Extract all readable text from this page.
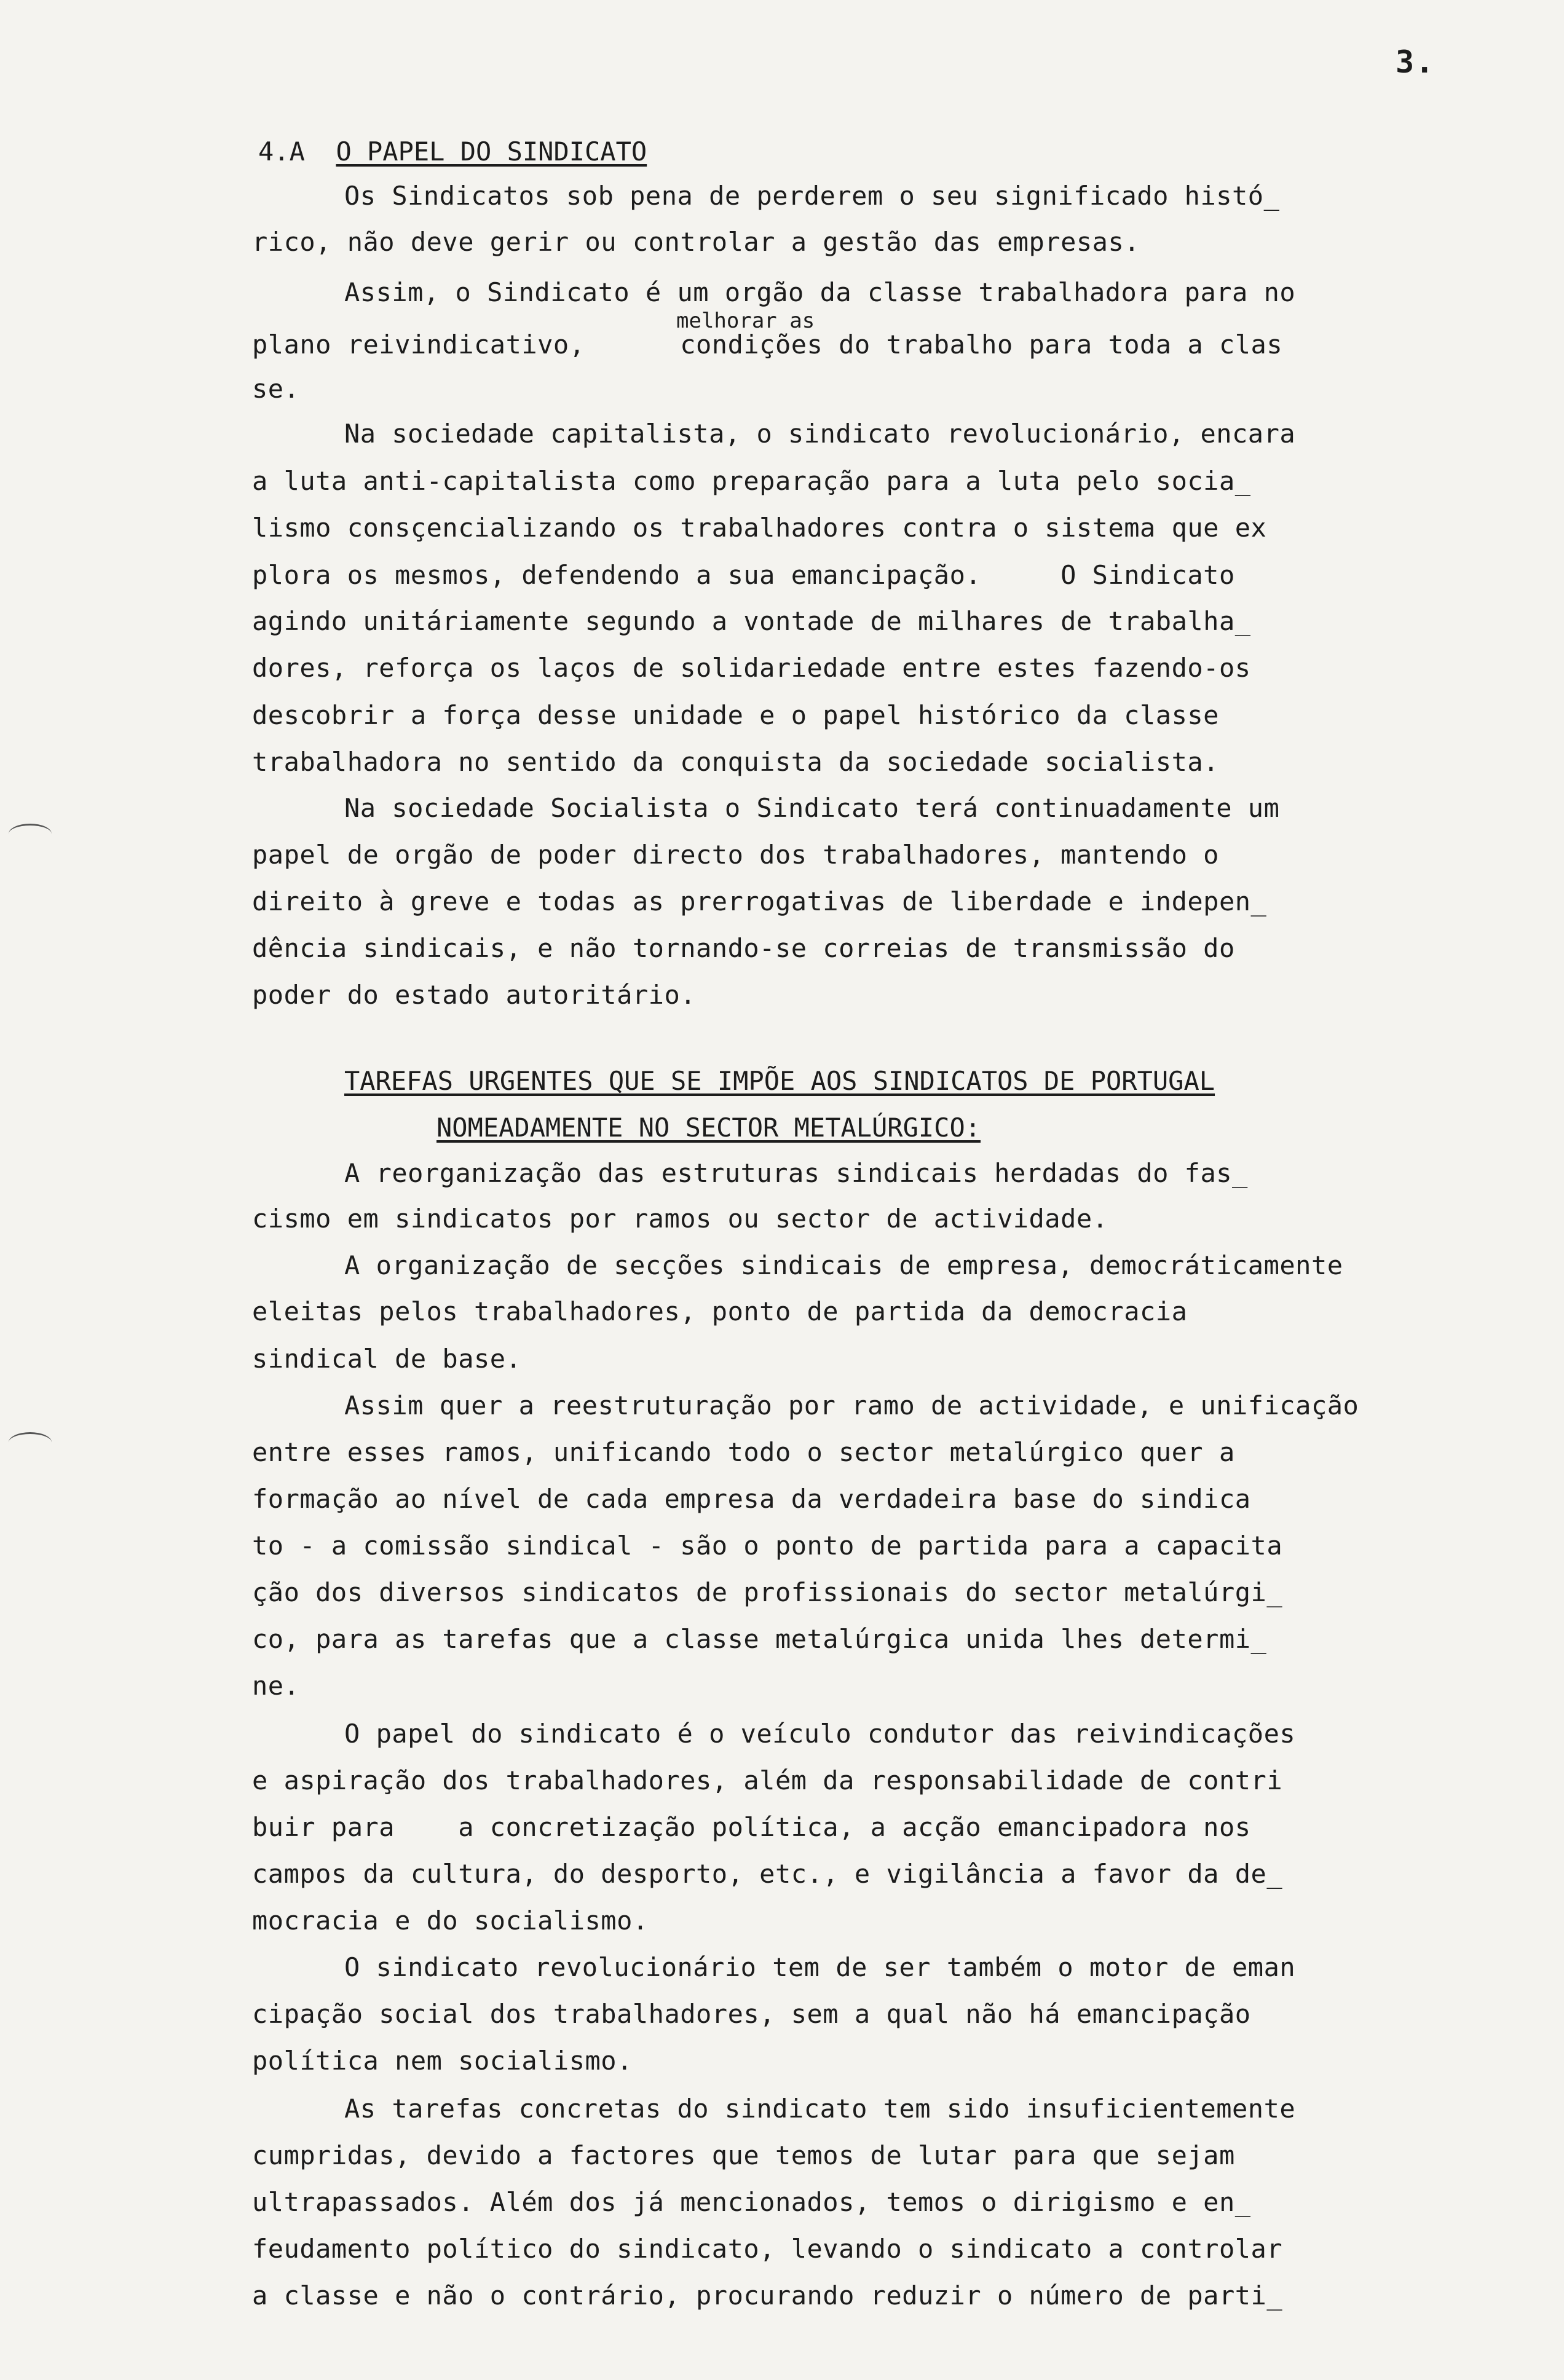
3.
4.A O PAPEL DO SINDICATO
Os Sindicatos sob pena de perderem o seu significado histó_
rico, não deve gerir ou controlar a gestão das empresas.
Assim, o Sindicato é um orgão da classe trabalhadora para no
melhorar as
plano reivindicativo,      condições do trabalho para toda a clas
se.
Na sociedade capitalista, o sindicato revolucionário, encara
a luta anti-capitalista como preparação para a luta pelo socia_
lismo consçencializando os trabalhadores contra o sistema que ex
plora os mesmos, defendendo a sua emancipação.     O Sindicato
agindo unitáriamente segundo a vontade de milhares de trabalha_
dores, reforça os laços de solidariedade entre estes fazendo-os
descobrir a força desse unidade e o papel histórico da classe
trabalhadora no sentido da conquista da sociedade socialista.
Na sociedade Socialista o Sindicato terá continuadamente um
papel de orgão de poder directo dos trabalhadores, mantendo o
direito à greve e todas as prerrogativas de liberdade e indepen_
dência sindicais, e não tornando-se correias de transmissão do
poder do estado autoritário.
TAREFAS URGENTES QUE SE IMPÕE AOS SINDICATOS DE PORTUGAL
NOMEADAMENTE NO SECTOR METALÚRGICO:
A reorganização das estruturas sindicais herdadas do fas_
cismo em sindicatos por ramos ou sector de actividade.
A organização de secções sindicais de empresa, democráticamente
eleitas pelos trabalhadores, ponto de partida da democracia
sindical de base.
Assim quer a reestruturação por ramo de actividade, e unificação
entre esses ramos, unificando todo o sector metalúrgico quer a
formação ao nível de cada empresa da verdadeira base do sindica
to - a comissão sindical - são o ponto de partida para a capacita
ção dos diversos sindicatos de profissionais do sector metalúrgi_
co, para as tarefas que a classe metalúrgica unida lhes determi_
ne.
O papel do sindicato é o veículo condutor das reivindicações
e aspiração dos trabalhadores, além da responsabilidade de contri
buir para    a concretização política, a acção emancipadora nos
campos da cultura, do desporto, etc., e vigilância a favor da de_
mocracia e do socialismo.
O sindicato revolucionário tem de ser também o motor de eman
cipação social dos trabalhadores, sem a qual não há emancipação
política nem socialismo.
As tarefas concretas do sindicato tem sido insuficientemente
cumpridas, devido a factores que temos de lutar para que sejam
ultrapassados. Além dos já mencionados, temos o dirigismo e en_
feudamento político do sindicato, levando o sindicato a controlar
a classe e não o contrário, procurando reduzir o número de parti_
